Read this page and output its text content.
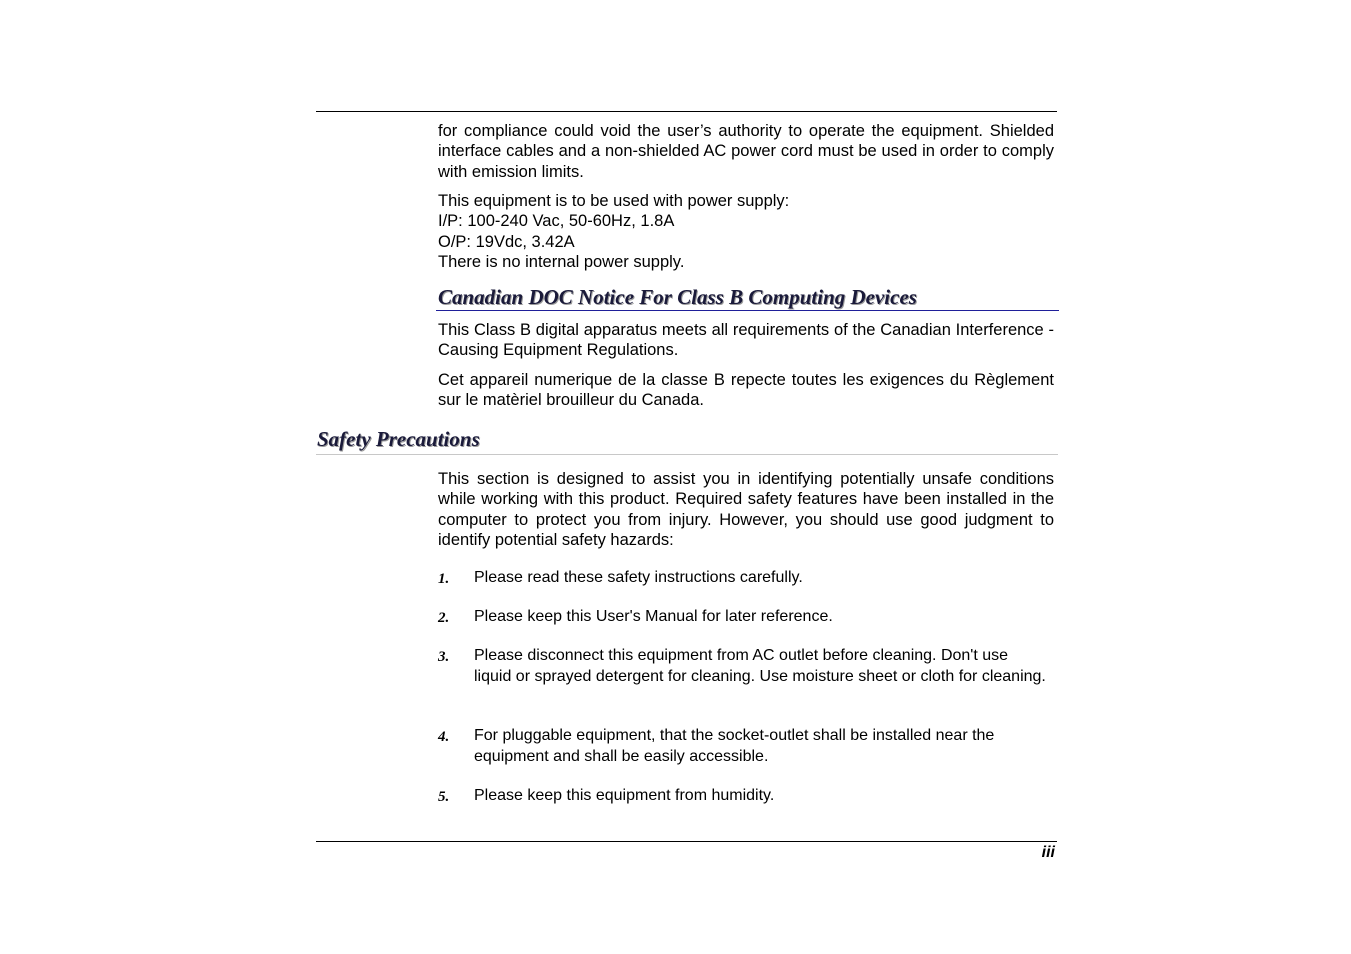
for compliance could void the user’s authority to operate the equipment. Shielded interface cables and a non-shielded AC power cord must be used in order to comply with emission limits.

This equipment is to be used with power supply:
I/P: 100-240 Vac, 50-60Hz, 1.8A
O/P: 19Vdc, 3.42A
There is no internal power supply.
Canadian DOC Notice For Class B Computing Devices

This Class B digital apparatus meets all requirements of the Canadian Interference - Causing Equipment Regulations.

Cet appareil numerique de la classe B repecte toutes les exigences du Règlement sur le matèriel brouilleur du Canada.

Safety Precautions

This section is designed to assist you in identifying potentially unsafe conditions while working with this product. Required safety features have been installed in the computer to protect you from injury. However, you should use good judgment to identify potential safety hazards:

1. Please read these safety instructions carefully.
2. Please keep this User's Manual for later reference.
3. Please disconnect this equipment from AC outlet before cleaning. Don't use liquid or sprayed detergent for cleaning. Use moisture sheet or cloth for cleaning.
4. For pluggable equipment, that the socket-outlet shall be installed near the equipment and shall be easily accessible.
5. Please keep this equipment from humidity.
iii
